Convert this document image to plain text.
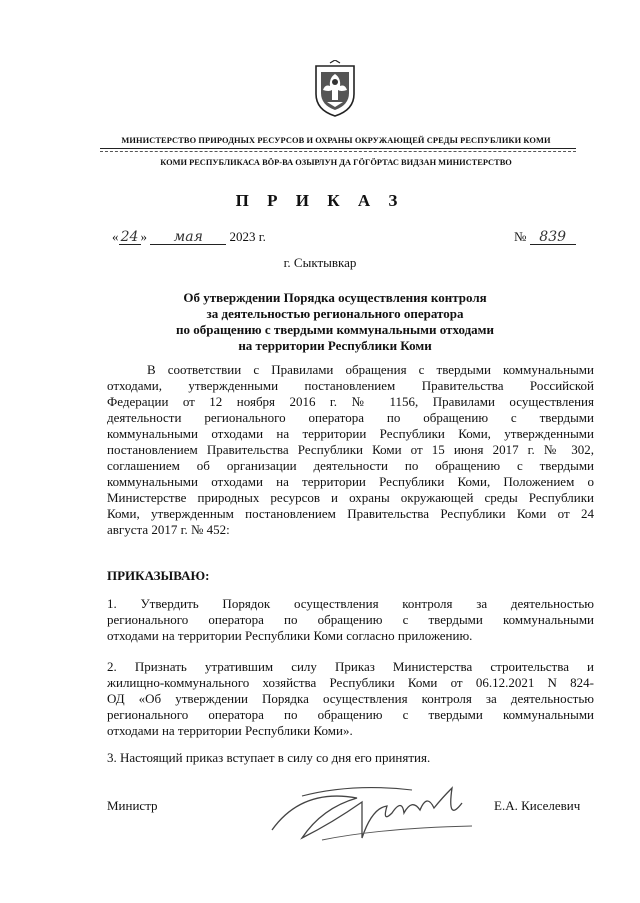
МИНИСТЕРСТВО ПРИРОДНЫХ РЕСУРСОВ И ОХРАНЫ ОКРУЖАЮЩЕЙ СРЕДЫ РЕСПУБЛИКИ КОМИ
КОМИ РЕСПУБЛИКАСА ВӦР-ВА ОЗЫРЛУН ДА ГӦГӦРТАС ВИДЗАН МИНИСТЕРСТВО
П Р И К А З
« 24 » мая 2023 г.	№ 839
г. Сыктывкар
Об утверждении Порядка осуществления контроля
за деятельностью регионального оператора
по обращению с твердыми коммунальными отходами
на территории Республики Коми
В соответствии с Правилами обращения с твердыми коммунальными
отходами, утвержденными постановлением Правительства Российской
Федерации от 12 ноября 2016 г. № 1156, Правилами осуществления
деятельности регионального оператора по обращению с твердыми
коммунальными отходами на территории Республики Коми, утвержденными
постановлением Правительства Республики Коми от 15 июня 2017 г. № 302,
соглашением об организации деятельности по обращению с твердыми
коммунальными отходами на территории Республики Коми, Положением о
Министерстве природных ресурсов и охраны окружающей среды Республики
Коми, утвержденным постановлением Правительства Республики Коми от 24
августа 2017 г. № 452:
ПРИКАЗЫВАЮ:
1. Утвердить Порядок осуществления контроля за деятельностью
регионального оператора по обращению с твердыми коммунальными
отходами на территории Республики Коми согласно приложению.
2. Признать утратившим силу Приказ Министерства строительства и
жилищно-коммунального хозяйства Республики Коми от 06.12.2021 N 824-
ОД «Об утверждении Порядка осуществления контроля за деятельностью
регионального оператора по обращению с твердыми коммунальными
отходами на территории Республики Коми».
3. Настоящий приказ вступает в силу со дня его принятия.
Министр	Е.А. Киселевич
